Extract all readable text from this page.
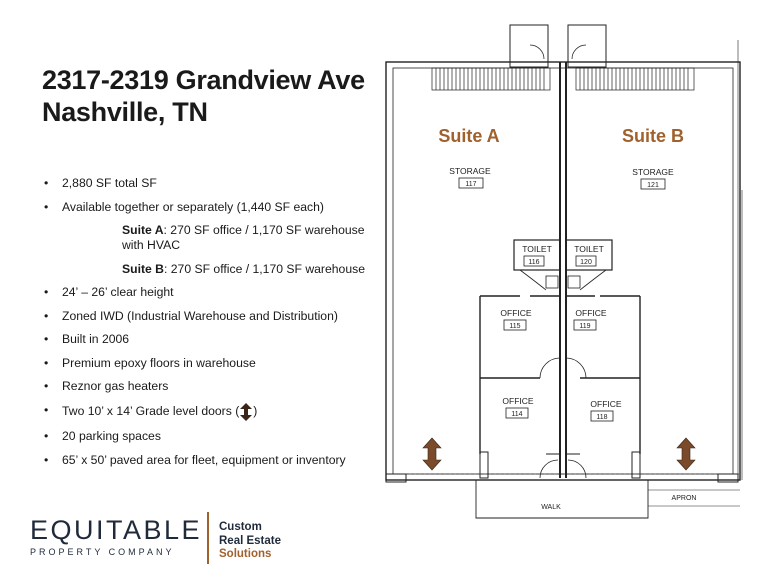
2317-2319 Grandview Ave
Nashville, TN
• 2,880 SF total SF
• Available together or separately (1,440 SF each)
Suite A: 270 SF office / 1,170 SF warehouse with HVAC
Suite B: 270 SF office / 1,170 SF warehouse
• 24’ – 26’ clear height
• Zoned IWD (Industrial Warehouse and Distribution)
• Built in 2006
• Premium epoxy floors in warehouse
• Reznor gas heaters
• Two 10’ x 14’ Grade level doors ( )
• 20 parking spaces
• 65’ x 50’ paved area for fleet, equipment or inventory
EQUITABLE
PROPERTY COMPANY
Custom
Real Estate
Solutions
STORAGE
117
STORAGE
121
TOILET
116
TOILET
120
OFFICE
115
OFFICE
119
OFFICE
114
OFFICE
118
WALK
APRON
Suite A	Suite B
